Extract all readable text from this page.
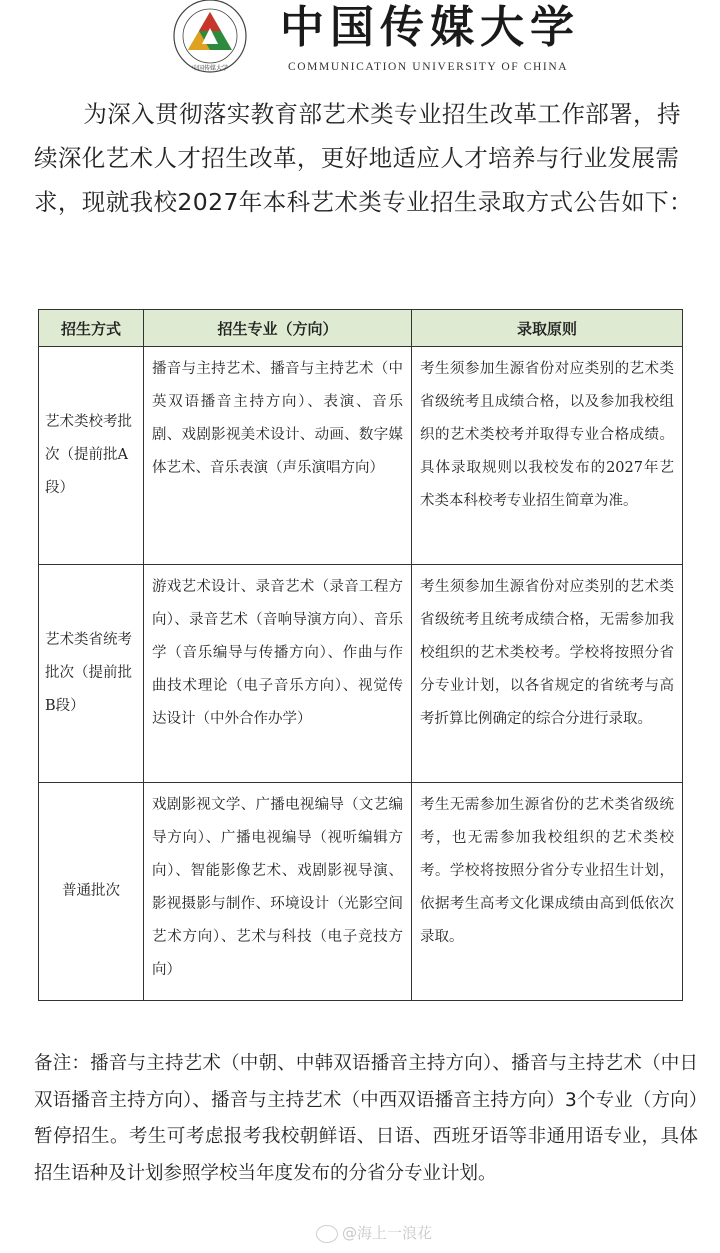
中国传媒大学
中国传媒大学
COMMUNICATION UNIVERSITY OF CHINA

为深入贯彻落实教育部艺术类专业招生改革工作部署，持续深化艺术人才招生改革，更好地适应人才培养与行业发展需求，现就我校2027年本科艺术类专业招生录取方式公告如下：

招生方式	招生专业（方向）	录取原则
艺术类校考批次（提前批A段）	播音与主持艺术、播音与主持艺术（中英双语播音主持方向）、表演、音乐剧、戏剧影视美术设计、动画、数字媒体艺术、音乐表演（声乐演唱方向）	考生须参加生源省份对应类别的艺术类省级统考且成绩合格，以及参加我校组织的艺术类校考并取得专业合格成绩。具体录取规则以我校发布的2027年艺术类本科校考专业招生简章为准。
艺术类省统考批次（提前批B段）	游戏艺术设计、录音艺术（录音工程方向）、录音艺术（音响导演方向）、音乐学（音乐编导与传播方向）、作曲与作曲技术理论（电子音乐方向）、视觉传达设计（中外合作办学）	考生须参加生源省份对应类别的艺术类省级统考且统考成绩合格，无需参加我校组织的艺术类校考。学校将按照分省分专业计划，以各省规定的省统考与高考折算比例确定的综合分进行录取。
普通批次	戏剧影视文学、广播电视编导（文艺编导方向）、广播电视编导（视听编辑方向）、智能影像艺术、戏剧影视导演、影视摄影与制作、环境设计（光影空间艺术方向）、艺术与科技（电子竞技方向）	考生无需参加生源省份的艺术类省级统考，也无需参加我校组织的艺术类校考。学校将按照分省分专业招生计划，依据考生高考文化课成绩由高到低依次录取。

备注：播音与主持艺术（中朝、中韩双语播音主持方向）、播音与主持艺术（中日双语播音主持方向）、播音与主持艺术（中西双语播音主持方向）3个专业（方向）暂停招生。考生可考虑报考我校朝鲜语、日语、西班牙语等非通用语专业，具体招生语种及计划参照学校当年度发布的分省分专业计划。

@海上一浪花
